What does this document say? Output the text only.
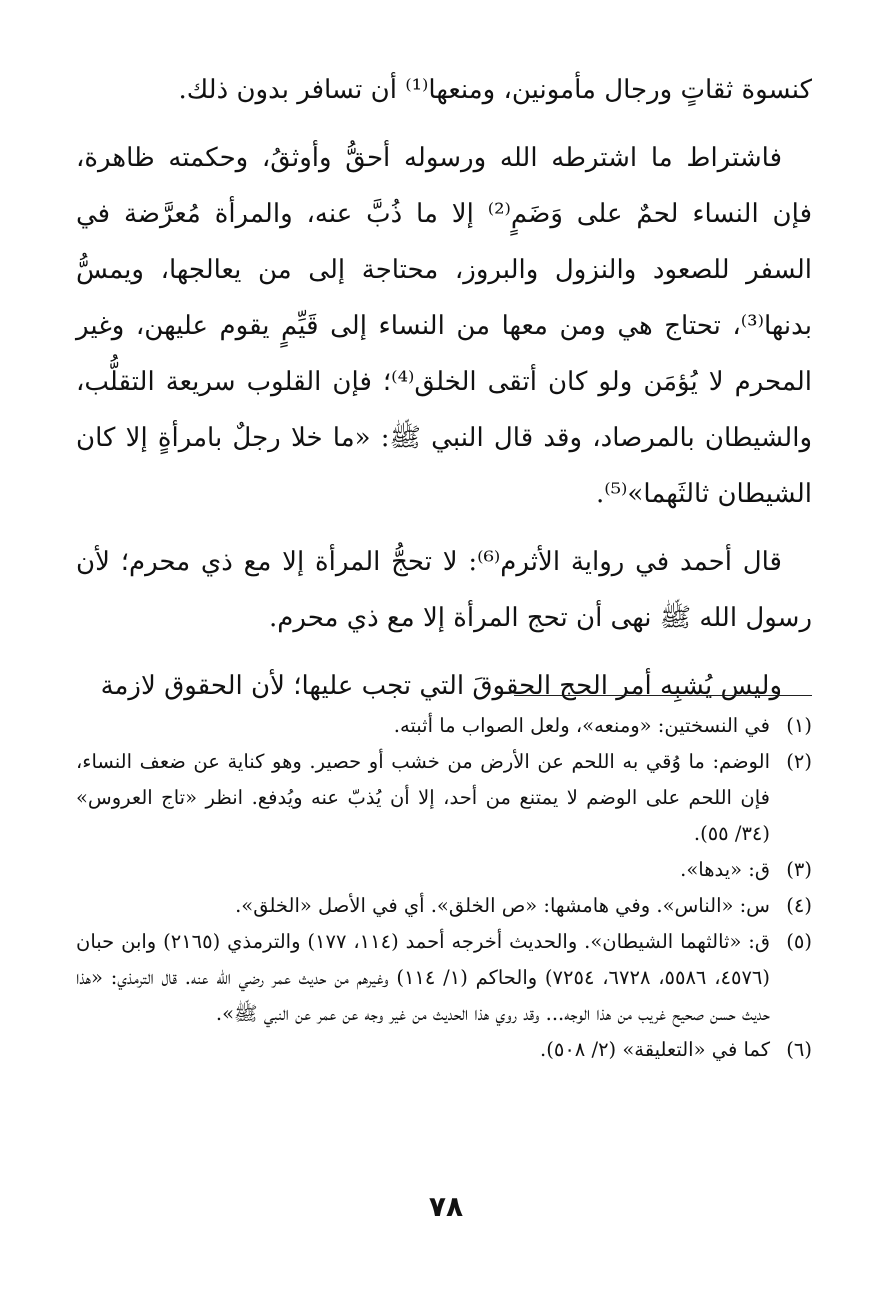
كنسوة ثقاتٍ ورجال مأمونين، ومنعها⁽¹⁾ أن تسافر بدون ذلك.

فاشتراط ما اشترطه الله ورسوله أحقُّ وأوثقُ، وحكمته ظاهرة، فإن النساء لحمٌ على وَضَمٍ⁽²⁾ إلا ما ذُبَّ عنه، والمرأة مُعرَّضة في السفر للصعود والنزول والبروز، محتاجة إلى من يعالجها، ويمسُّ بدنها⁽³⁾، تحتاج هي ومن معها من النساء إلى قَيِّمٍ يقوم عليهن، وغير المحرم لا يُؤمَن ولو كان أتقى الخلق⁽⁴⁾؛ فإن القلوب سريعة التقلُّب، والشيطان بالمرصاد، وقد قال النبي ﷺ: «ما خلا رجلٌ بامرأةٍ إلا كان الشيطان ثالثَهما»⁽⁵⁾.

قال أحمد في رواية الأثرم⁽⁶⁾: لا تحجُّ المرأة إلا مع ذي محرم؛ لأن رسول الله ﷺ نهى أن تحج المرأة إلا مع ذي محرم.

وليس يُشبِه أمر الحج الحقوقَ التي تجب عليها؛ لأن الحقوق لازمة

(١)
في النسختين: «ومنعه»، ولعل الصواب ما أثبته.
(٢)
الوضم: ما وُقي به اللحم عن الأرض من خشب أو حصير. وهو كناية عن ضعف النساء، فإن اللحم على الوضم لا يمتنع من أحد، إلا أن يُذبّ عنه ويُدفع. انظر «تاج العروس» (٣٤/ ٥٥).
(٣)
ق: «يدها».
(٤)
س: «الناس». وفي هامشها: «ص الخلق». أي في الأصل «الخلق».
(٥)
ق: «ثالثهما الشيطان». والحديث أخرجه أحمد (١١٤، ١٧٧) والترمذي (٢١٦٥) وابن حبان (٤٥٧٦، ٥٥٨٦، ٦٧٢٨، ٧٢٥٤) والحاكم (١/ ١١٤) وغيرهم من حديث عمر رضي الله عنه. قال الترمذي: «هذا حديث حسن صحيح غريب من هذا الوجه... وقد روي هذا الحديث من غير وجه عن عمر عن النبي ﷺ».
(٦)
كما في «التعليقة» (٢/ ٥٠٨).
٧٨
